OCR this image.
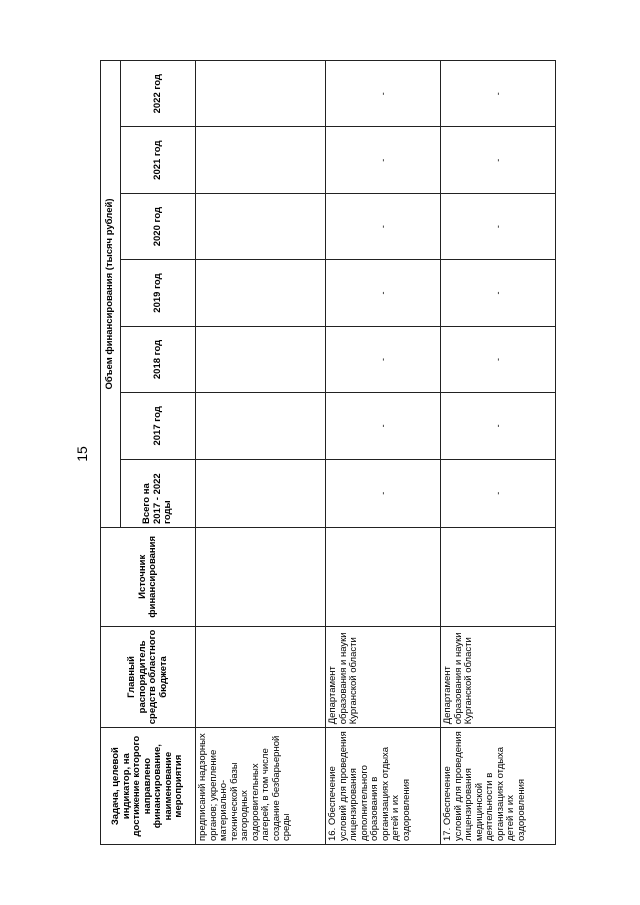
15
Задача, целевой индикатор, на достижение которого направлено финансирование, наименование мероприятия	Главный распорядитель средств областного бюджета	Источник финансирования	Объем финансирования (тысяч рублей)						
			Всего на 2017 - 2022 годы	2017 год	2018 год	2019 год	2020 год	2021 год	2022 год
предписаний надзорных органов; укрепление материально-технической базы загородных оздоровительных лагерей, в том числе создание безбарьерной среды									
16. Обеспечение условий для проведения лицензирования дополнительного образования в организациях отдыха детей и их оздоровления	Департамент образования и науки Курганской области		-	-	-	-	-	-	-
17. Обеспечение условий для проведения лицензирования медицинской деятельности в организациях отдыха детей и их оздоровления	Департамент образования и науки Курганской области		-	-	-	-	-	-	-
